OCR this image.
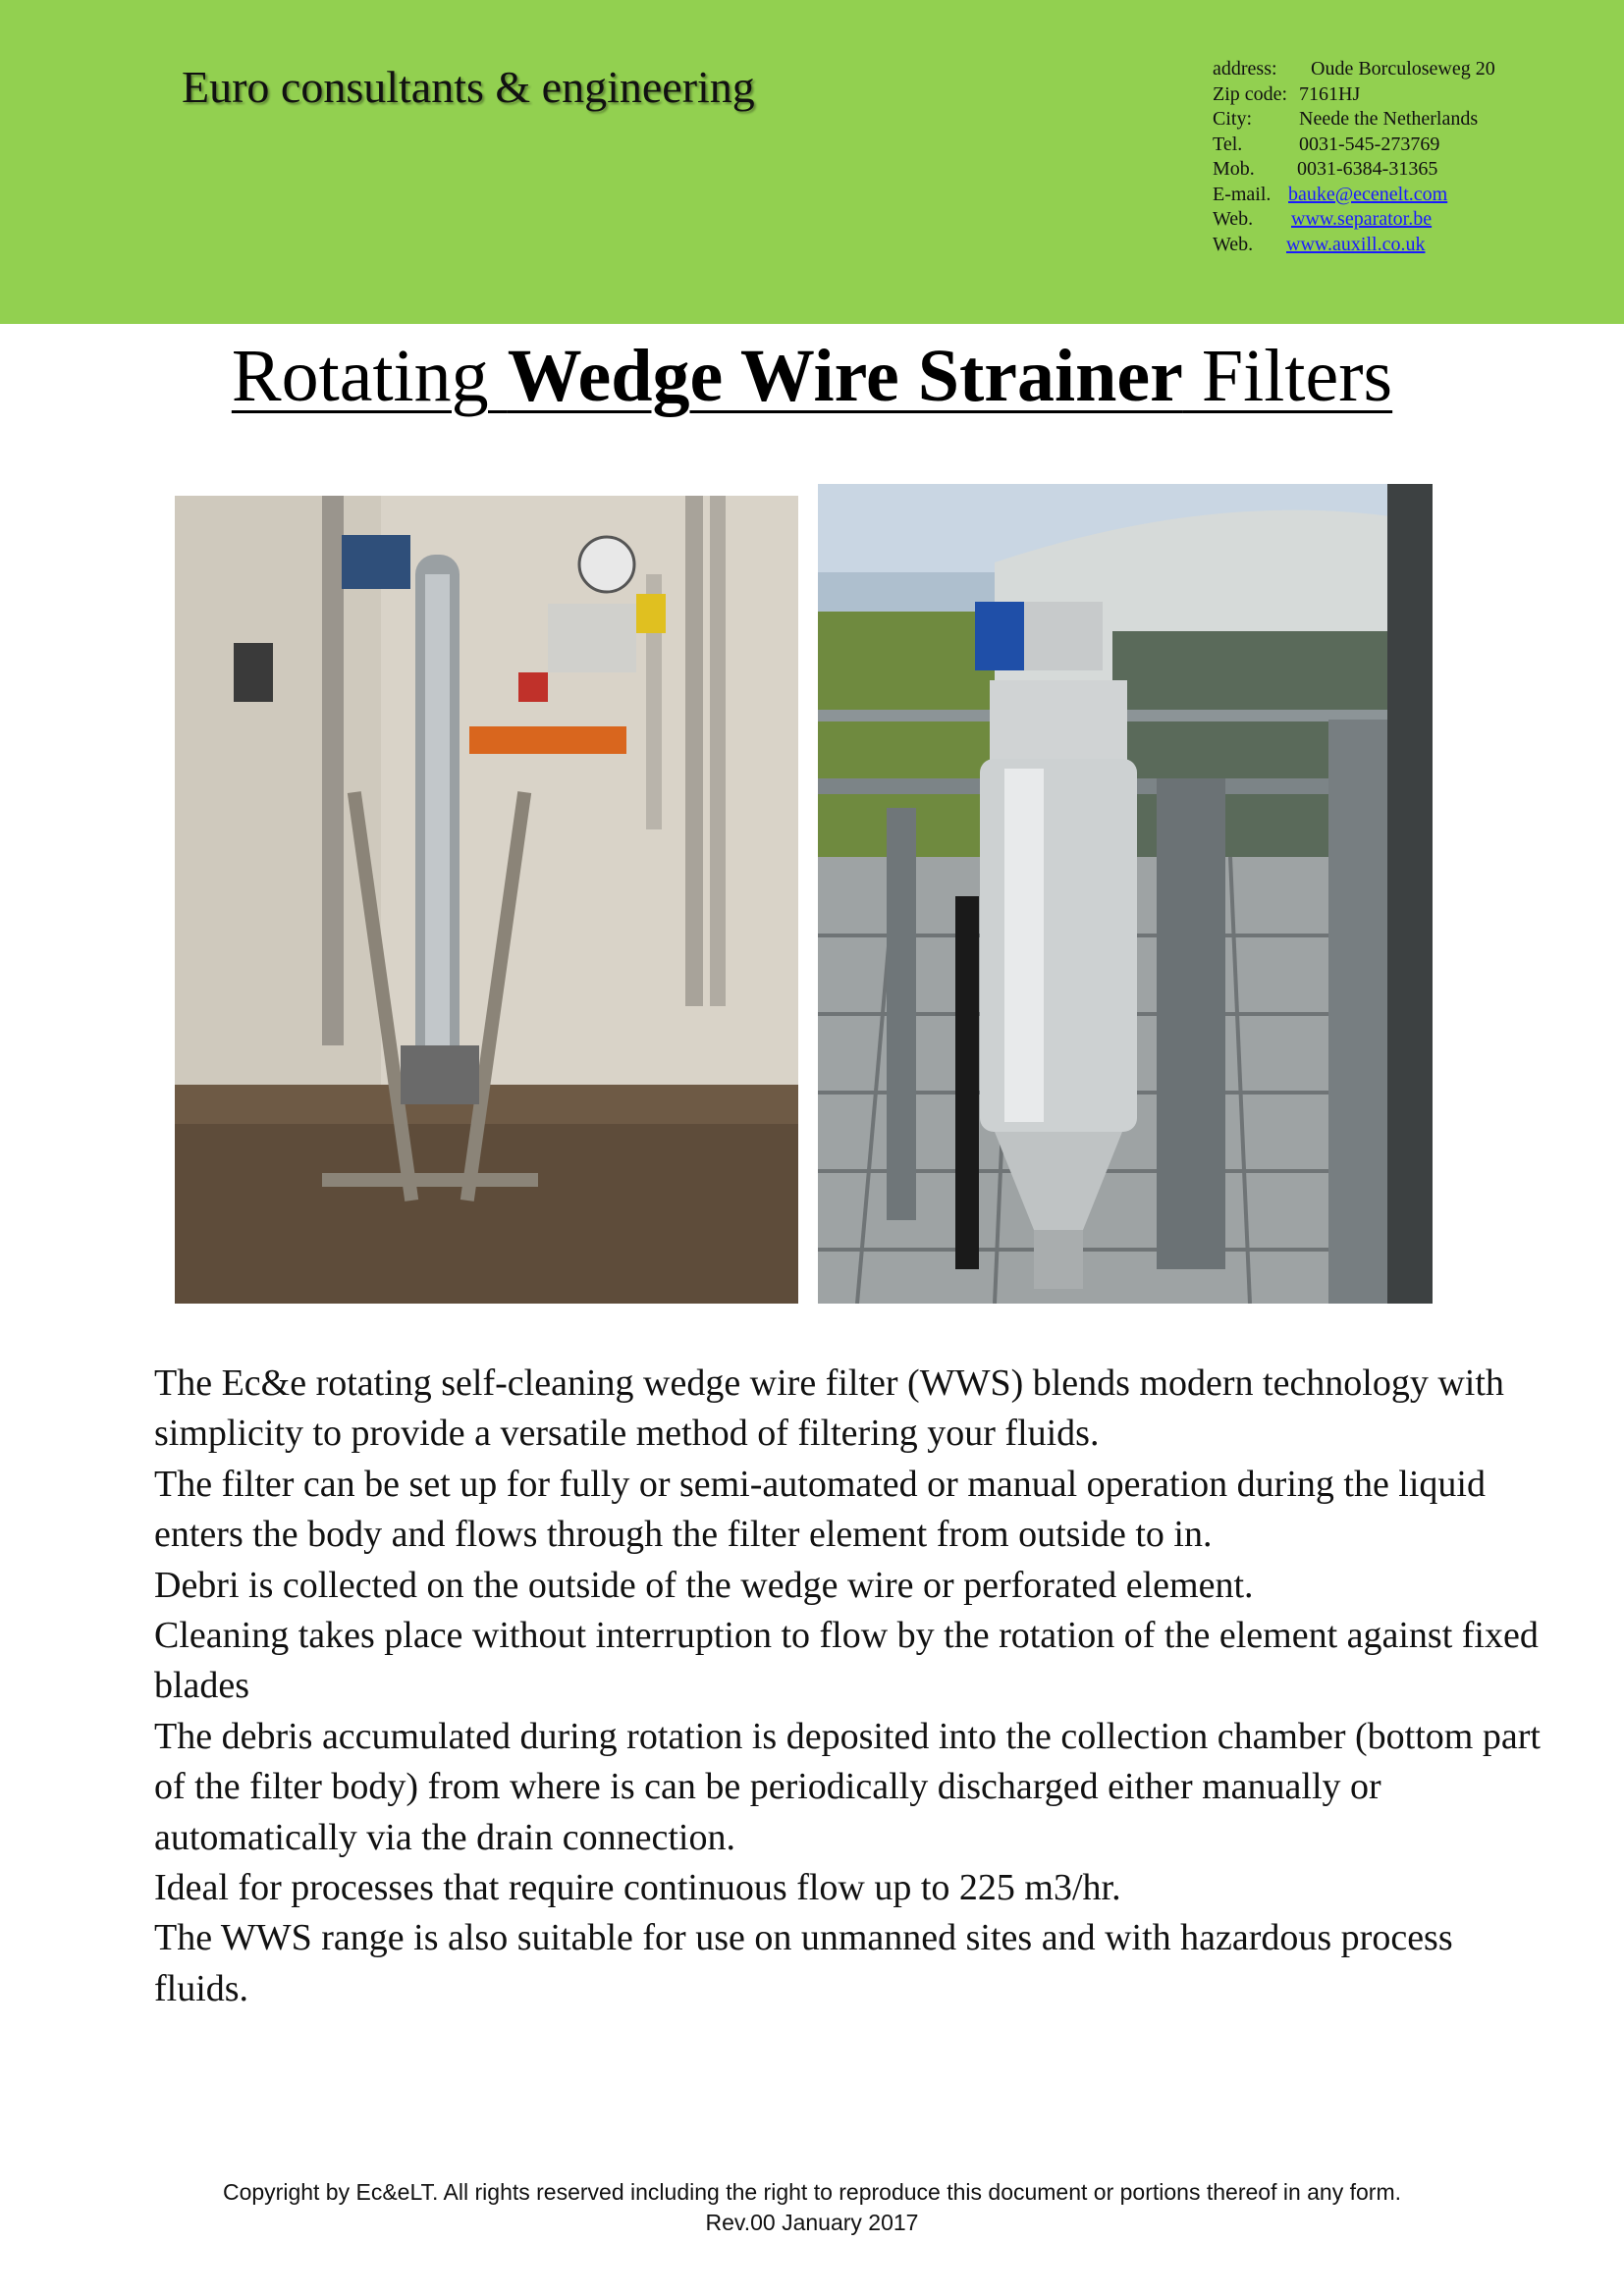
Euro consultants & engineering	address: Oude Borculoseweg 20
Zip code: 7161HJ
City: Neede the Netherlands
Tel.	0031-545-273769
Mob. 0031-6384-31365
E-mail. bauke@ecenelt.com
Web. www.separator.be
Web. www.auxill.co.uk
Rotating Wedge Wire Strainer Filters

The Ec&e rotating self-cleaning wedge wire filter (WWS) blends modern technology with simplicity to provide a versatile method of filtering your fluids.

The filter can be set up for fully or semi-automated or manual operation during the liquid enters the body and flows through the filter element from outside to in.

Debri is collected on the outside of the wedge wire or perforated element.

Cleaning takes place without interruption to flow by the rotation of the element against fixed blades

The debris accumulated during rotation is deposited into the collection chamber (bottom part of the filter body) from where is can be periodically discharged either manually or automatically via the drain connection.

Ideal for processes that require continuous flow up to 225 m3/hr.

The WWS range is also suitable for use on unmanned sites and with hazardous process fluids.

Copyright by Ec&eLT. All rights reserved including the right to reproduce this document or portions thereof in any form.
Rev.00 January 2017
